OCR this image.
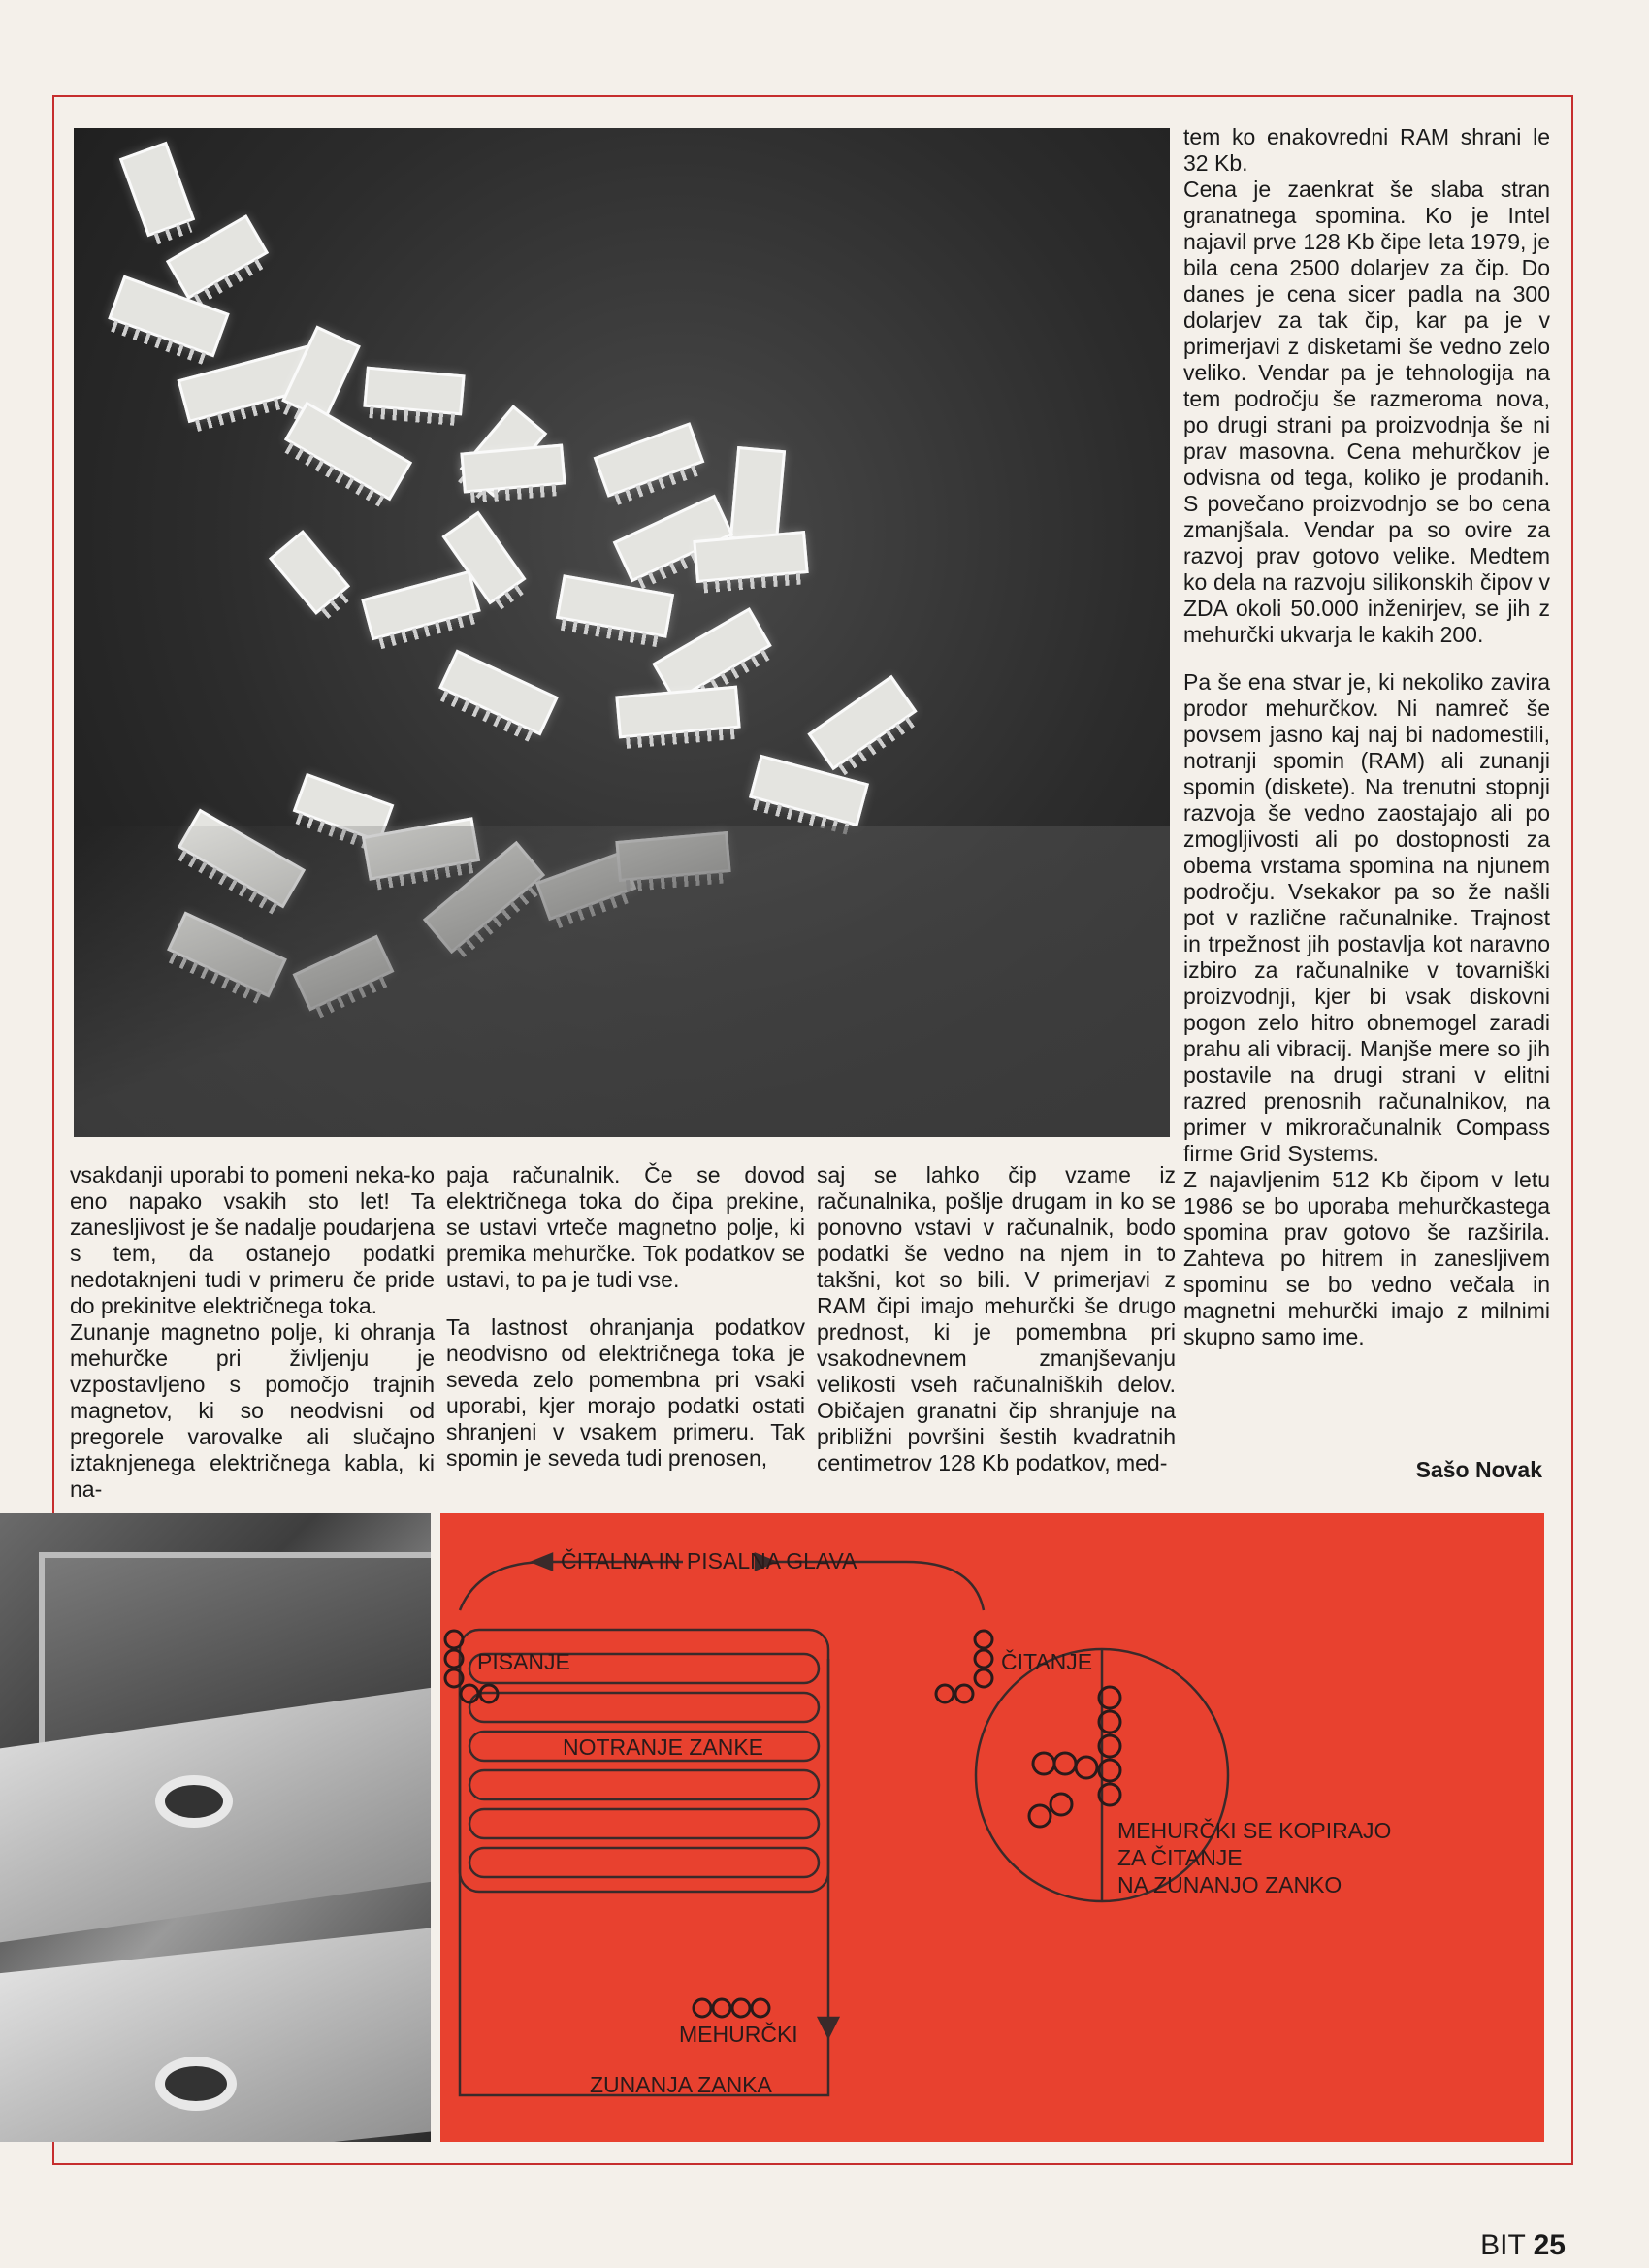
tem ko enakovredni RAM shrani le 32 Kb.
Cena je zaenkrat še slaba stran granatnega spomina. Ko je Intel najavil prve 128 Kb čipe leta 1979, je bila cena 2500 dolarjev za čip. Do danes je cena sicer padla na 300 dolarjev za tak čip, kar pa je v primerjavi z disketami še vedno zelo veliko. Vendar pa je tehnologija na tem področju še razmeroma nova, po drugi strani pa proizvodnja še ni prav masovna. Cena mehurčkov je odvisna od tega, koliko je prodanih. S povečano proizvodnjo se bo cena zmanjšala. Vendar pa so ovire za razvoj prav gotovo velike. Medtem ko dela na razvoju silikonskih čipov v ZDA okoli 50.000 inženirjev, se jih z mehurčki ukvarja le kakih 200.

Pa še ena stvar je, ki nekoliko zavira prodor mehurčkov. Ni namreč še povsem jasno kaj naj bi nadomestili, notranji spomin (RAM) ali zunanji spomin (diskete). Na trenutni stopnji razvoja še vedno zaostajajo ali po zmogljivosti ali po dostopnosti za obema vrstama spomina na njunem področju. Vsekakor pa so že našli pot v različne računalnike. Trajnost in trpežnost jih postavlja kot naravno izbiro za računalnike v tovarniški proizvodnji, kjer bi vsak diskovni pogon zelo hitro obnemogel zaradi prahu ali vibracij. Manjše mere so jih postavile na drugi strani v elitni razred prenosnih računalnikov, na primer v mikroračunalnik Compass firme Grid Systems.
Z najavljenim 512 Kb čipom v letu 1986 se bo uporaba mehurčkastega spomina prav gotovo še razširila. Zahteva po hitrem in zanesljivem spominu se bo vedno večala in magnetni mehurčki imajo z milnimi skupno samo ime.

vsakdanji uporabi to pomeni neka-ko eno napako vsakih sto let! Ta zanesljivost je še nadalje poudarjena s tem, da ostanejo podatki nedotaknjeni tudi v primeru če pride do prekinitve električnega toka.
Zunanje magnetno polje, ki ohranja mehurčke pri življenju je vzpostavljeno s pomočjo trajnih magnetov, ki so neodvisni od pregorele varovalke ali slučajno iztaknjenega električnega kabla, ki na-

paja računalnik. Če se dovod električnega toka do čipa prekine, se ustavi vrteče magnetno polje, ki premika mehurčke. Tok podatkov se ustavi, to pa je tudi vse.

Ta lastnost ohranjanja podatkov neodvisno od električnega toka je seveda zelo pomembna pri vsaki uporabi, kjer morajo podatki ostati shranjeni v vsakem primeru. Tak spomin je seveda tudi prenosen,

saj se lahko čip vzame iz računalnika, pošlje drugam in ko se ponovno vstavi v računalnik, bodo podatki še vedno na njem in to takšni, kot so bili. V primerjavi z RAM čipi imajo mehurčki še drugo prednost, ki je pomembna pri vsakodnevnem zmanjševanju velikosti vseh računalniških delov. Običajen granatni čip shranjuje na približni površini šestih kvadratnih centimetrov 128 Kb podatkov, med-	Sašo Novak
ČITALNA IN PISALNA GLAVA
PISANJE	ČITANJE
NOTRANJE ZANKE
MEHURČKI
ZUNANJA ZANKA
MEHURČKI SE KOPIRAJO
ZA ČITANJE
NA ZUNANJO ZANKO
BIT 25
